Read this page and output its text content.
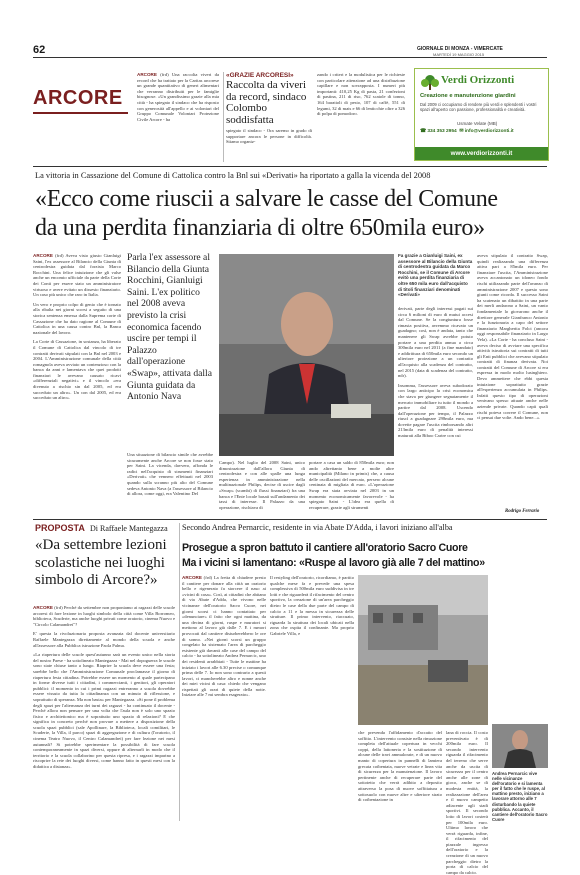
62	GIORNALE DI MONZA - VIMERCATE
MARTEDÌ 19 MAGGIO 2015
ARCORE
ARCORE (frd) Una raccolta viveri da record che ha trattato per la Caritas arcorese un grande quantitativo di generi alimentari che verranno distribuiti per le famiglie bisognose. «Un grandissimo grazie alla mia città - ha spiegato il sindaco che ha risposto con generosità all'appello e ai volontari del Gruppo Comunale Volontari Protezione Civile Arcore - ha
«GRAZIE ARCORESI»
Raccolta da viveri da record, sindaco Colombo soddisfatta
spiegato il sindaco - Ora saremo in grado di supportare ancora le persone in difficoltà. Stiamo organiz-
zando i criteri e la modulistica per le richieste con particolare attenzione ad una distribuzione capillare e non sovrapposta. I numeri più importanti: 410,25 Kg di pasta, 21 confezioni di pastina, 211 di riso, 762 scatole di tonno, 164 barattoli di pesto, 107 di caffè, 551 di legumi, 32 di mais e 66 di lenticchie oltre a 326 di polpa di pomodoro.
Verdi Orizzonti
Creazione e manutenzione giardini
Dal 2009 ci occupiamo di rendere più verdi e splendenti i vostri spazi all'aperto con passione, professionalità e creatività.
Usmate Velate (MB)
☎ 334 353 2954 ✉ info@verdiorizzonti.it
www.verdiorizzonti.it
La vittoria in Cassazione del Comune di Cattolica contro la Bnl sui «Derivati» ha riportato a galla la vicenda del 2008
«Ecco come riuscii a salvare le casse del Comune
da una perdita finanziaria di oltre 650mila euro»
ARCORE (frd) Aveva visto giusto Gianluigi Saini, l'ex assessore al Bilancio della Giunta di centrodestra guidata dal forzista Marco Rocchini. Una felice intuizione che gli valse anche un encomio ufficiale da parte della Corte dei Conti per essere stato un amministratore virtuoso e avere evitato un dissesto finanziario. Un caso più unico che raro in Italia.
Un vero e proprio colpo di genio che è tornato alla ribalta nei giorni scorsi a seguito di una storica sentenza emessa dalla Suprema corte di Cassazione che ha dato ragione al Comune di Cattolica in una causa contro Bnl, la Banca nazionale del lavoro.
La Corte di Cassazione, in sostanza, ha liberato il Comune di Cattolica dal vincolo di tre contratti derivati stipulati con la Bnl nel 2003 e 2004. L'Amministrazione comunale della città romagnola aveva avviato un contenzioso con la banca da anni e lamentava che quei prodotti finanziari le avevano causato ricavi «differenziali negativi» e il vincolo «era divenuto a rischio sin dal 2005, ed era succeduto un altro». Un con dal 2005, ed era succeduto un altro».
Parla l'ex assessore al Bilancio della Giunta Rocchini, Gianluigi Saini. L'ex politico nel 2008 aveva previsto la crisi economica facendo uscire per tempi il Palazzo dall'operazione «Swap», attivata dalla Giunta guidata da Antonio Nava
Una situazione di bilancio simile che avrebbe sicuramente anche Arcore se non fosse stato per Saini. La vicenda, davvero, affonda le radici nell'acquisto di strumenti finanziari «Derivati» che vennero effettuati nel 2003 quando sulla scranno più alto del Comune sedeva Antonio Nava (a l'assessore al Bilancio di allora, come oggi, era Valentino Del
Fa grazie a Gianluigi Saini, ex assessore al Bilancio della Giunta di centrodestra guidata da Marco Rocchini, se il Comune di Arcore evitò una perdita finanziaria di oltre 650 mila euro dall'acquisto di titoli finanziari denominati «Derivati»
Campo). Nel luglio del 2008 Saini, unico dimostrazione dall'allora Giunta di centrodestra e con alle spalle una lunga esperienza in amministrazione nella multinazionale Philips, decise di uscire dagli «Swap» (scambi) di flussi finanziari) fra una banca e l'Ente locale basati sull'andamento dei tassi di interesse. Il Palazzo da una operazione, rischiava di
portare a casa un saldo di 850mila euro; non ando altrettanto bene a molte altre municipalità (Milano in primis) che, a causa delle oscillazioni del mercato, persero alcune centinaia di migliaia di euro. «L'operazione Swap era stata avviata nel 2003 in un momento economicamente favorevole - ha spiegato Saini - L'idea era quella di recuperare, grazie agli strumenti
derivati, parte degli interessi pagati sui circa 6 milioni di euro di mutui accesi dal Comune. Se la congiuntura fosse rimasta positiva, avremmo ricavato un guadagno; così, non è andata, tanto che mantenere gli Swap avrebbe potuto portare a una perdita annua a circa 300mila euro nel 2011 (a fine mandato) e addirittura di 650mila euro secondo un ulteriore proiezione a un contratto all'acquisto alla scadenza del contratto, nel 2015 (data di scadenza del contratto, ndr).
Insomma, l'assessore aveva subodorato con largo anticipo la crisi economica che stava per giungere segnatamente il mercato immobiliare tu tutto il mondo a partire dal 2008. Uscendo dall'operazione per tempo, il Palazzo riuscì a guadagnare 298mila euro, ma dovette pagare l'uscita rimborsando altri 213mila euro di penalità interessi maturati alla Biboo Carire con cui
aveva stipulato il contratto Swap, quindi realizzando una differenza attiva pari a 85mila euro. Per finanziare l'uscita, l'Amministrazione aveva accantonato un idoneo fondo rischi utilizzando parte dell'avanzo di amministrazione 2007 e questo sono giunti come ricorda. Il successo Saini ha scatenato un dibattito in una parte dei merli andarono a Saini, un vanto fondamentale lo giovarono anche il direttore generale Gianfranco Antonio e la funzionaria a capo del settore finanziario Margherita Folci (ancora oggi responsabile finanziario in Largo Vela). «La Corte - ha concluso Saini - aveva deciso di avviare una specifica attività istruttoria sui contratti di tutti gli Enti pubblici che avevano stipulato contratti di finanza derivata. Noi contratti del Comune di Arcore si era espressa in modo molto lusinghiero. Devo ammettere che ebbi questa intuizione soprattutto grazie all'esperienza accumulata in Philips. Infatti questo tipo di operazioni venivano spesso attuate anche nelle aziende private. Quando capii quali rischi poteva correre il Comune, non ci pensai due volte. Ando bene...».
Rodrigo Ferrario
PROPOSTA Di Raffaele Mantegazza
«Da settembre lezioni scolastiche nei luoghi simbolo di Arcore?»
ARCORE (frd) Perché da settembre non proponiamo ai ragazzi delle scuole arcoresi di fare lezione in luoghi simbolo della città come Villa Borromeo, biblioteca, Scuderie, ma anche luoghi privati come oratorio, cinema Nuovo e "Circolo Calamandrei"?
E' questa la rivoluzionaria proposta avanzata dal docente universitario Raffaele Mantegazza direttamente al mondo della scuola e anche all'assessore alla Pubblica istruzione Paola Palma.
«La riapertura delle scuole quest'autunno sarà un evento unico nella storia del nostro Paese - ha sottolineato Mantegazza - Mai nel dopoguerra le scuole sono state chiuse tanto a lungo. Riaprire la scuola deve essere una festa; sarebbe bello che l'Amministrazione Comunale proclamasse il giorno di riapertura festa cittadina. Potrebbe essere un momento al quale partecipano in forme diverse tutti i cittadini, i commercianti, i genitori, gli operatori pubblici: il momento in cui i primi ragazzi entreranno a scuola dovrebbe essere vissuto da tutta la cittadinanza con un minuto di riflessione, e soprattutto di speranza. Ma non basta» per Mantegazza. «Si pone il problema degli spazi per l'alternanza dei turni dei ragazzi - ha continuato il docente - Perché allora non pensare per una volta che l'aula non è solo uno spazio fisico e architettonico ma è soprattutto uno spazio di relazioni? E che significa in concreto perché non provare a mettere a disposizione della scuola spazi pubblici (sale Apollinare, la Biblioteca, locali comilitari, le Scuderie, la Villa, il parco) spazi di aggregazione e di cultura (l'oratorio, il cinema Teatro Nuovo, il Centro Calamandrei) per fare lezione nei mesi autunnali? Si potrebbe sperimentare la possibilità di fare scuola contemporaneamente in spazi diversi, oppure di alternarli in modo che il territorio e la scuola collaborino per questa ripresa, e i ragazzi imparino a riscoprire la rete dei luoghi diversi, come hanno fatto in questi mesi con la didattica a distanza».
Secondo Andrea Pernarcic, residente in via Abate D'Adda, i lavori iniziano all'alba
Prosegue a spron battuto il cantiere all'oratorio Sacro Cuore
Ma i vicini si lamentano: «Ruspe al lavoro già alle 7 del mattino»
ARCORE (frd) La fretta di chiudere presto il cantiere per donare alla città un oratorio bello e rigenerato fa storcere il naso ai «vicini di casa». Così, ai cittadini che abitano di via Abate d'Adda, che vivono nelle vicinanze dell'oratorio Sacro Cuore, nei giorni scorsi ci hanno contattato per «denunciare» il fatto che ogni mattina, da una decina di giorni, ruspe e muratori si mettono al lavoro già dalle 7. E i rumori provocati dal cantiere disturberebbero le ore di sonno. «Nei giorni scorsi un gruppo congelato ha sistemato l'area di parcheggio esistente già davanti alle case del campo del calcio - ha sottolineato Andrea Pernarcic, uno dei residenti arrabbiati - Tutte le mattine ha iniziato i lavori alle 6.30 precise o comunque prima delle 7. Io non sono contrario a questi lavori, ci mancherebbe altro e nonne anche dei miei vicini di casa: chiedo che vengano rispettati gli orari di quiete della notte. Iniziare alle 7 mi sembra esagerato».
Il restyling dell'oratorio, ricordiamo, è partito qualche mese fa e prevede una spesa complessiva di 500mila euro suddivisa in tre lotti e che riguarderà il rifacimento del centro sportivo, la creazione di un'area parcheggio dietro le case della due parte del campo di calcio a 11 e la messa in sicurezza delle strutture. Il primo intervento, riaccuato, riguarda la struttura dei locali ubicati nella zona che ospita il confinante. Ma proprio Gabriele Villa, e
Andrea Pernarcic vive nelle vicinanze dell'oratorio e si lamenta per il fatto che le ruspe, al mattino presto, iniziano a lavorare attorno alle 7 disturbando la quiete pubblica. Accanto, il cantiere dell'oratorio Sacro Cuore
che prevenda l'affidamento d'accatto del soffitto. L'intervento consiste nella rimozione completa dell'attuale copertura in vecchi coppi, della lattoneria e la sostituzione di alcune delle travi ammalorate, e di un nuovo manto di copertura in pannelli di lamiera grecata coibentata, nuove vetrate e linea vita di sicurezza per la manutenzione. Il lavoro pertinente anche di recuperare parte del sottotetto che verrà adibito a deposito attraverso la posa di nuove soffittatura a sottosuolo con nuove altre e ulteriore strato di coibentazione in
lana di roccia. Il costo preventivato è di 200mila euro. Il secondo intervento riguarda il rifacimento del terreno che serve anche da uscita di sicurezza per il centro anche alle zone di gioco, anche se di modesta entità, la realizzazione dell'area e il nuovo campetto adiacente agli stadi sportivi. Il secondo lotto di lavori costerà per 100mila euro. Ultimo lavoro che verrà riguarda, infine, il rifacimento del piazzale ingresso dell'oratorio e la creazione di un nuovo parcheggio dietro la porta di calcio del campo da calcio.
